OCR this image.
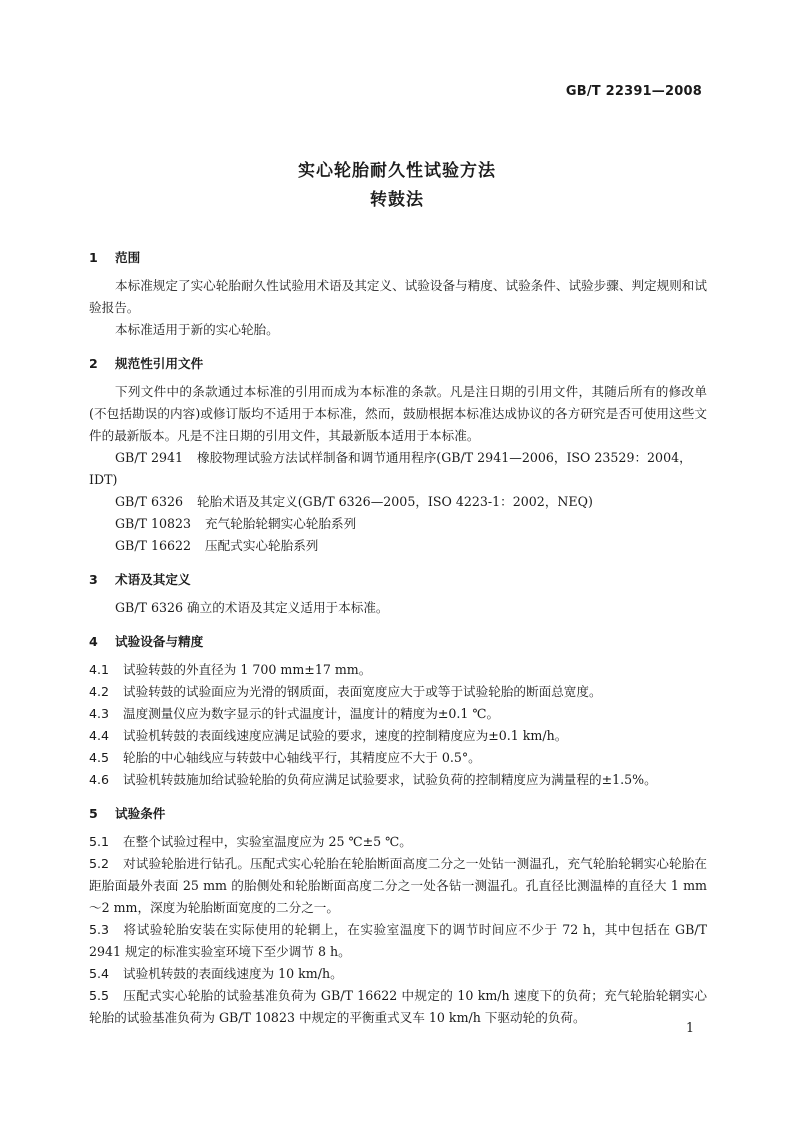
GB/T 22391—2008
实心轮胎耐久性试验方法
转鼓法
1 范围

本标准规定了实心轮胎耐久性试验用术语及其定义、试验设备与精度、试验条件、试验步骤、判定规则和试验报告。

本标准适用于新的实心轮胎。

2 规范性引用文件

下列文件中的条款通过本标准的引用而成为本标准的条款。凡是注日期的引用文件，其随后所有的修改单(不包括勘误的内容)或修订版均不适用于本标准，然而，鼓励根据本标准达成协议的各方研究是否可使用这些文件的最新版本。凡是不注日期的引用文件，其最新版本适用于本标准。

GB/T 2941 橡胶物理试验方法试样制备和调节通用程序(GB/T 2941—2006，ISO 23529：2004，IDT)

GB/T 6326 轮胎术语及其定义(GB/T 6326—2005，ISO 4223-1：2002，NEQ)

GB/T 10823 充气轮胎轮辋实心轮胎系列

GB/T 16622 压配式实心轮胎系列

3 术语及其定义

GB/T 6326 确立的术语及其定义适用于本标准。

4 试验设备与精度

4.1 试验转鼓的外直径为 1 700 mm±17 mm。

4.2 试验转鼓的试验面应为光滑的钢质面，表面宽度应大于或等于试验轮胎的断面总宽度。

4.3 温度测量仪应为数字显示的针式温度计，温度计的精度为±0.1 ℃。

4.4 试验机转鼓的表面线速度应满足试验的要求，速度的控制精度应为±0.1 km/h。

4.5 轮胎的中心轴线应与转鼓中心轴线平行，其精度应不大于 0.5°。

4.6 试验机转鼓施加给试验轮胎的负荷应满足试验要求，试验负荷的控制精度应为满量程的±1.5%。

5 试验条件

5.1 在整个试验过程中，实验室温度应为 25 ℃±5 ℃。

5.2 对试验轮胎进行钻孔。压配式实心轮胎在轮胎断面高度二分之一处钻一测温孔，充气轮胎轮辋实心轮胎在距胎面最外表面 25 mm 的胎侧处和轮胎断面高度二分之一处各钻一测温孔。孔直径比测温棒的直径大 1 mm～2 mm，深度为轮胎断面宽度的二分之一。

5.3 将试验轮胎安装在实际使用的轮辋上，在实验室温度下的调节时间应不少于 72 h，其中包括在 GB/T 2941 规定的标准实验室环境下至少调节 8 h。

5.4 试验机转鼓的表面线速度为 10 km/h。

5.5 压配式实心轮胎的试验基准负荷为 GB/T 16622 中规定的 10 km/h 速度下的负荷；充气轮胎轮辋实心轮胎的试验基准负荷为 GB/T 10823 中规定的平衡重式叉车 10 km/h 下驱动轮的负荷。

1
